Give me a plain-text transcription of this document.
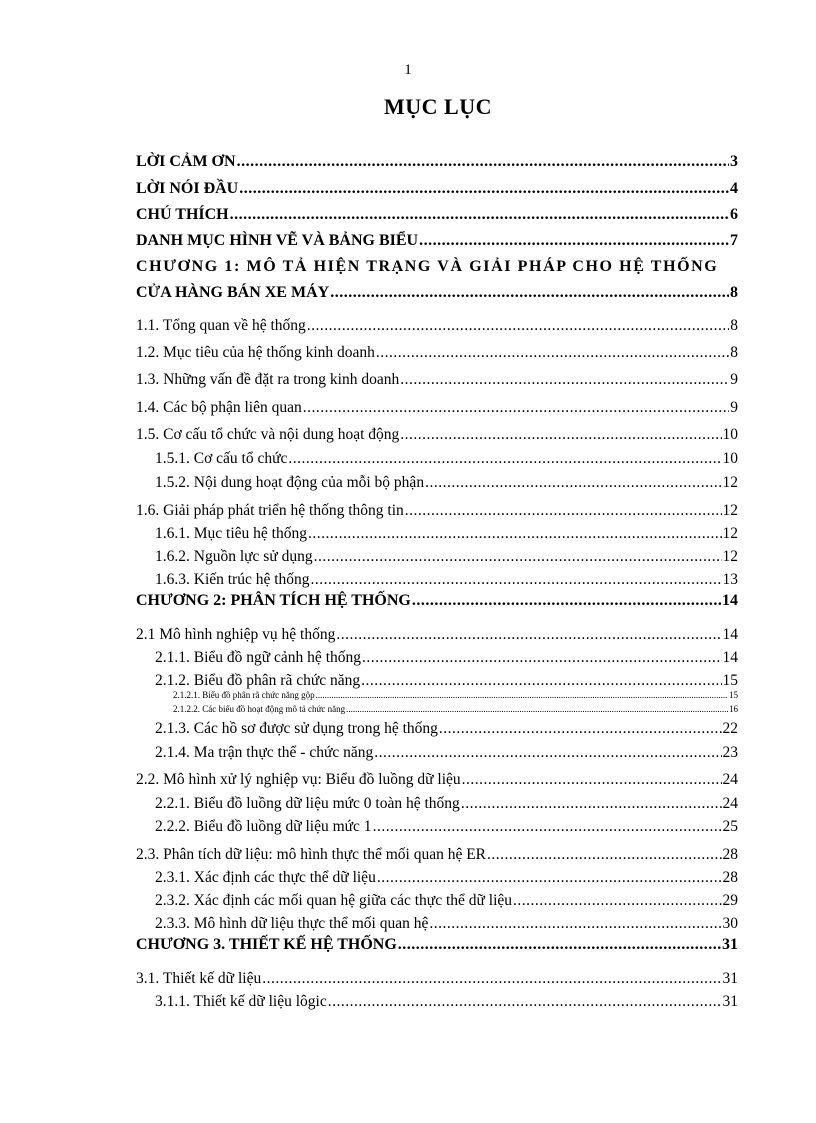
1
MỤC LỤC
LỜI CẢM ƠN .....	3
LỜI NÓI ĐẦU .....	4
CHÚ THÍCH .....	6
DANH MỤC HÌNH VẼ VÀ BẢNG BIỂU .....	7
CHƯƠNG 1: MÔ TẢ HIỆN TRẠNG VÀ GIẢI PHÁP CHO HỆ THỐNG
CỬA HÀNG BÁN XE MÁY .....	8
1.1. Tổng quan về hệ thống .....	8
1.2. Mục tiêu của hệ thống kinh doanh .....	8
1.3. Những vấn đề đặt ra trong kinh doanh .....	9
1.4. Các bộ phận liên quan .....	9
1.5. Cơ cấu tổ chức và nội dung hoạt động .....	10
1.5.1. Cơ cấu tổ chức .....	10
1.5.2. Nội dung hoạt động của mỗi bộ phận .....	12
1.6. Giải pháp phát triển hệ thống thông tin .....	12
1.6.1. Mục tiêu hệ thống .....	12
1.6.2. Nguồn lực sử dụng .....	12
1.6.3. Kiến trúc hệ thống .....	13
CHƯƠNG 2: PHÂN TÍCH HỆ THỐNG .....	14
2.1 Mô hình nghiệp vụ hệ thống .....	14
2.1.1. Biểu đồ ngữ cảnh hệ thống .....	14
2.1.2. Biểu đồ phân rã chức năng .....	15
2.1.2.1. Biểu đồ phân rã chức năng gộp .....	15
2.1.2.2. Các biểu đồ hoạt động mô tả chức năng .....	16
2.1.3. Các hồ sơ được sử dụng trong hệ thống .....	22
2.1.4. Ma trận thực thể - chức năng .....	23
2.2. Mô hình xử lý nghiệp vụ: Biểu đồ luồng dữ liệu .....	24
2.2.1. Biểu đồ luồng dữ liệu mức 0 toàn hệ thống .....	24
2.2.2. Biểu đồ luồng dữ liệu mức 1 .....	25
2.3. Phân tích dữ liệu: mô hình thực thể mối quan hệ ER .....	28
2.3.1. Xác định các thực thể dữ liệu .....	28
2.3.2. Xác định các mối quan hệ giữa các thực thể dữ liệu .....	29
2.3.3. Mô hình dữ liệu thực thể mối quan hệ .....	30
CHƯƠNG 3. THIẾT KẾ HỆ THỐNG .....	31
3.1. Thiết kế dữ liệu .....	31
3.1.1. Thiết kế dữ liệu lôgic .....	31
